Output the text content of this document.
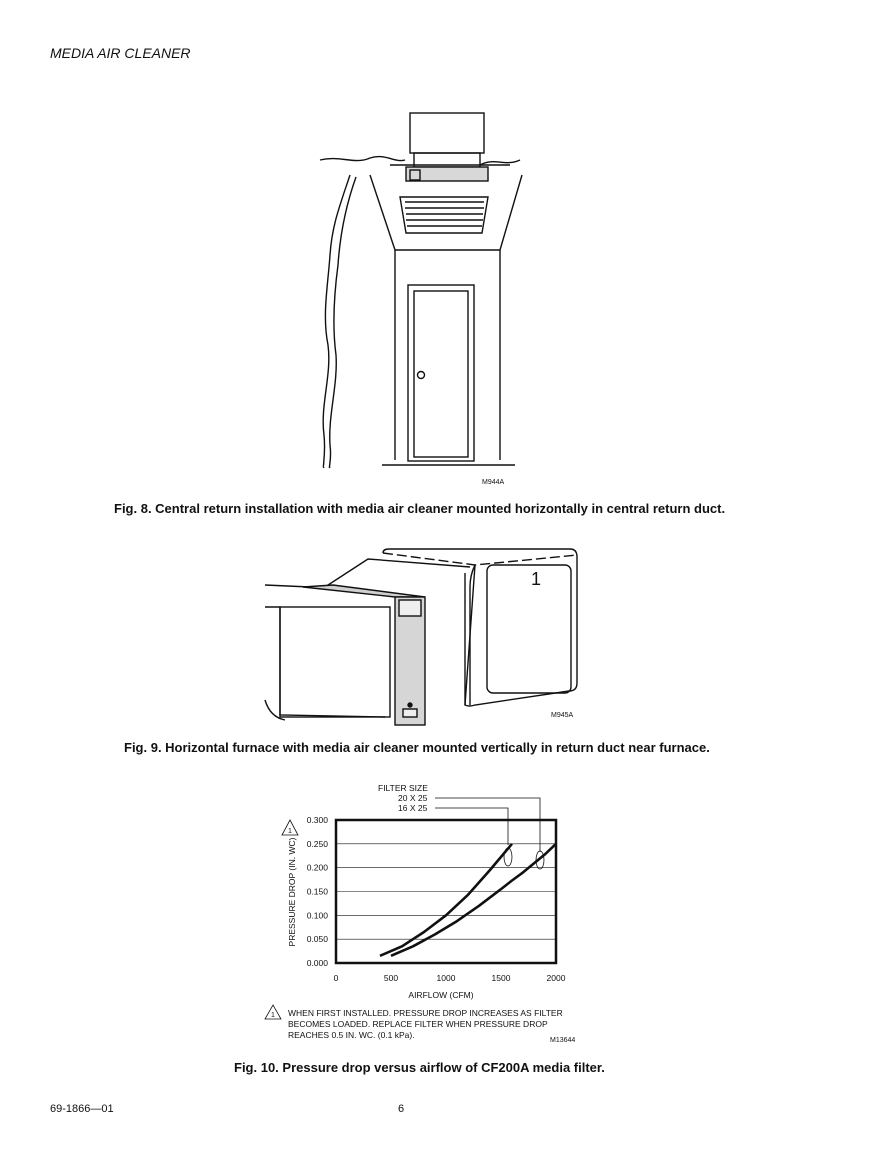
MEDIA AIR CLEANER
M944A
Fig. 8. Central return installation with media air cleaner mounted horizontally in central return duct.
1
M945A
Fig. 9. Horizontal furnace with media air cleaner mounted vertically in return duct near furnace.
FILTER SIZE
20 X 25
16 X 25
1
0.000
0.050
0.100
0.150
0.200
0.250
0.300
0	500	1000	1500	2000
AIRFLOW (CFM)
PRESSURE DROP (IN. WC)
1 WHEN FIRST INSTALLED. PRESSURE DROP INCREASES AS FILTER
BECOMES LOADED. REPLACE FILTER WHEN PRESSURE DROP
REACHES 0.5 IN. WC. (0.1 kPa).
M13644
Fig. 10. Pressure drop versus airflow of CF200A media filter.
69-1866—01	6
